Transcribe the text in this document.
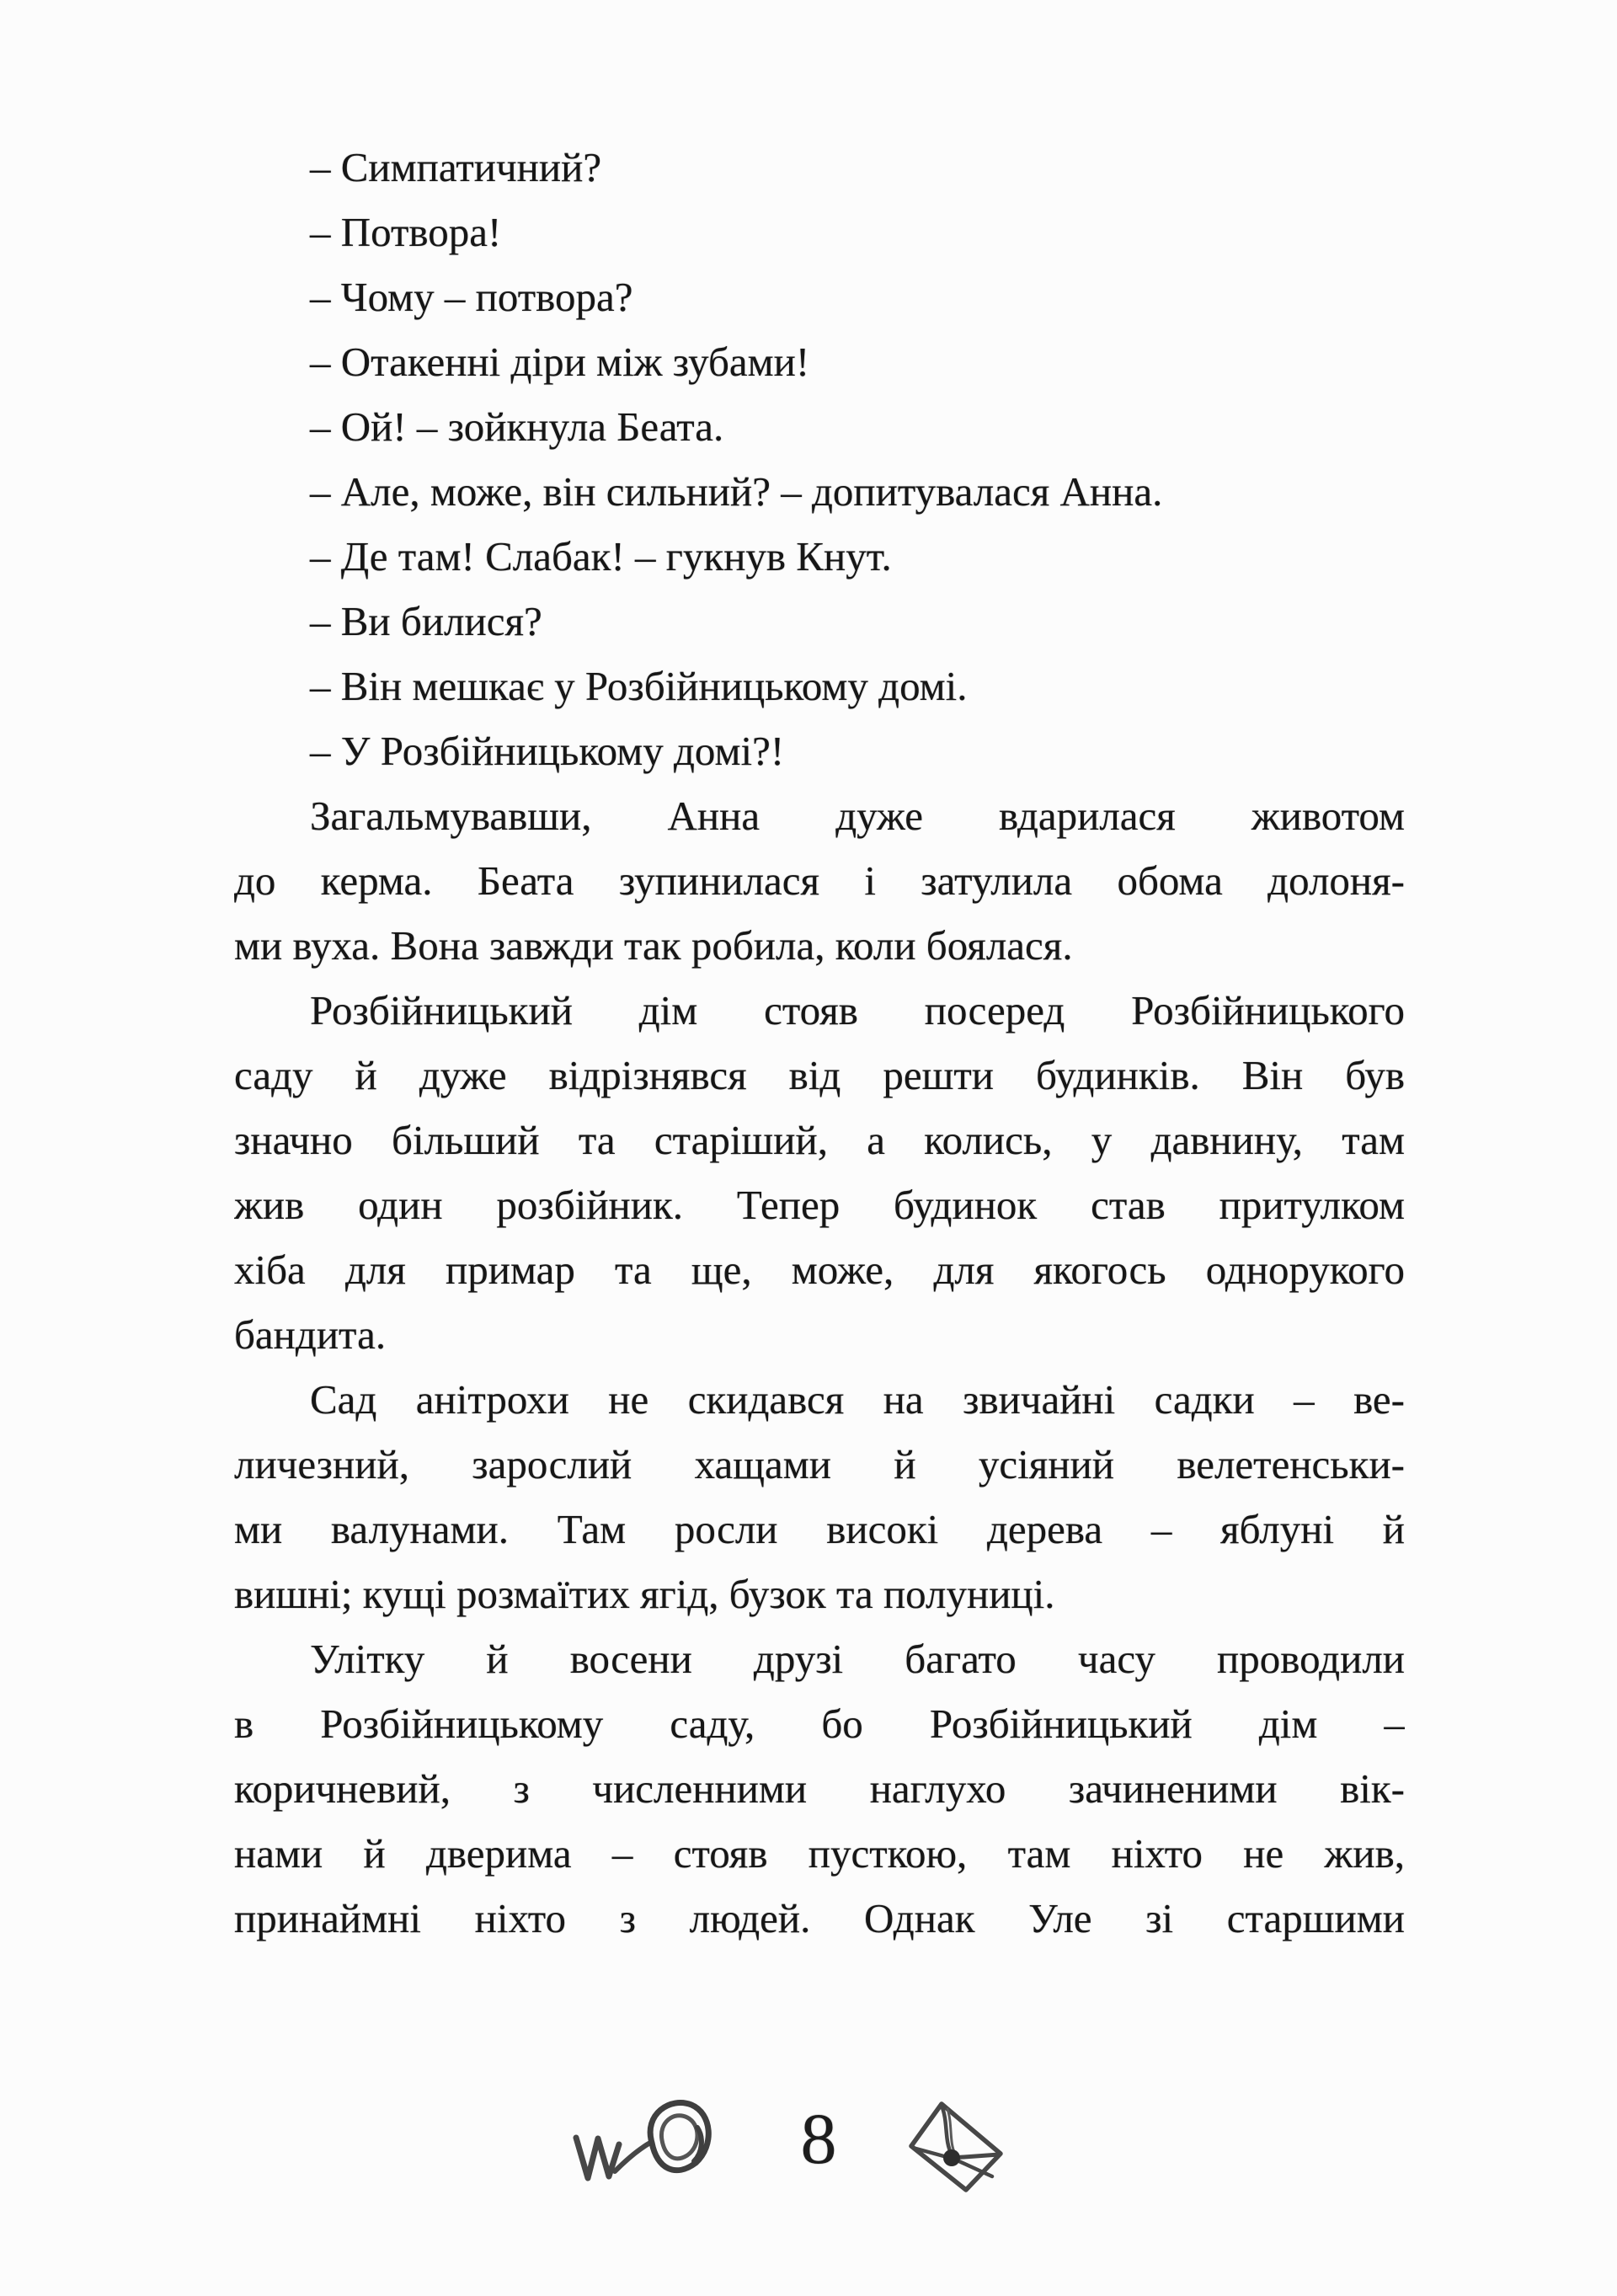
– Симпатичний?
– Потвора!
– Чому – потвора?
– Отакенні діри між зубами!
– Ой! – зойкнула Беата.
– Але, може, він сильний? – допитувалася Анна.
– Де там! Слабак! – гукнув Кнут.
– Ви билися?
– Він мешкає у Розбійницькому домі.
– У Розбійницькому домі?!
Загальмувавши, Анна дуже вдарилася животом
до керма. Беата зупинилася і затулила обома долоня-
ми вуха. Вона завжди так робила, коли боялася.
Розбійницький дім стояв посеред Розбійницького
саду й дуже відрізнявся від решти будинків. Він був
значно більший та старіший, а колись, у давнину, там
жив один розбійник. Тепер будинок став притулком
хіба для примар та ще, може, для якогось однорукого
бандита.
Сад анітрохи не скидався на звичайні садки – ве-
личезний, зарослий хащами й усіяний велетенськи-
ми валунами. Там росли високі дерева – яблуні й
вишні; кущі розмаїтих ягід, бузок та полуниці.
Улітку й восени друзі багато часу проводили
в Розбійницькому саду, бо Розбійницький дім –
коричневий, з численними наглухо зачиненими вік-
нами й дверима – стояв пусткою, там ніхто не жив,
принаймні ніхто з людей. Однак Уле зі старшими
8
